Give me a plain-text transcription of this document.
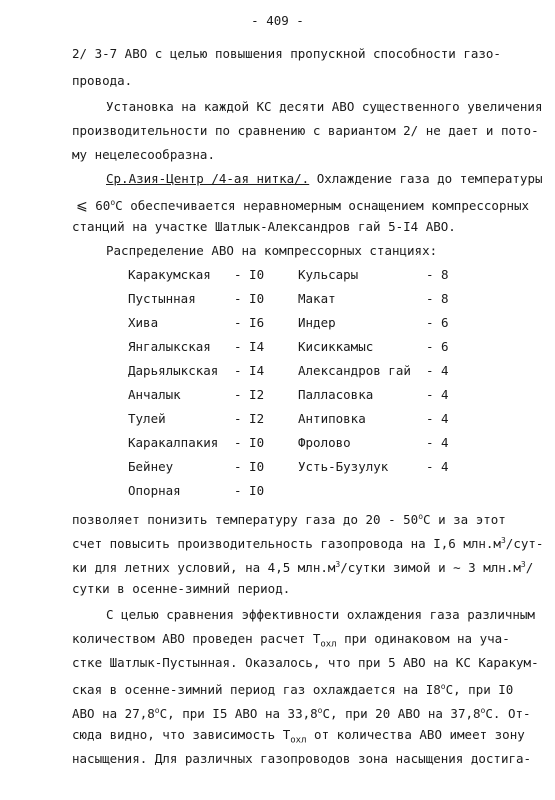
- 409 -
2/ 3-7 АВО с целью повышения пропускной способности газо-
провода.
Установка на каждой КС десяти АВО существенного увеличения
производительности по сравнению с вариантом 2/ не дает и пото-
му нецелесообразна.
Ср.Азия-Центр /4-ая нитка/. Охлаждение газа до температуры
⩽ $60^оС$ обеспечивается неравномерным оснащением компрессорных
станций на участке Шатлык-Александров гай 5-I4 АВО.
Распределение АВО на компрессорных станциях:
Каракумская - I0
Пустынная	- I0
Хива	- I6
Янгалыкская - I4
Дарьялыкская - I4
Анчалык	- I2
Тулей	- I2
Каракалпакия - I0
Бейнеу	- I0
Опорная	- I0
Кульсары	- 8
Макат	- 8
Индер	- 6
Кисиккамыс	- 6
Александров гай - 4
Палласовка	- 4
Антиповка	- 4
Фролово	- 4
Усть-Бузулук	- 4
позволяет понизить температуру газа до $20 - 50^оС$ и за этот
счет повысить производительность газопровода на I,6 $млн.м^3/сут-$
ки для летних условий, на 4,5 $млн.м^3$/сутки зимой и ∼ 3 $млн.м^3/$
сутки в осенне-зимний период.
С целью сравнения эффективности охлаждения газа различным
количеством АВО проведен расчет $Т_{охл}$ при одинаковом на уча-
стке Шатлык-Пустынная. Оказалось, что при 5 АВО на КС Каракум-
ская в осенне-зимний период газ охлаждается на $I8^оС$, при I0
АВО на $27,8^оС$, при I5 АВО на $33,8^оС$, при 20 АВО на $37,8^оС$. От-
сюда видно, что зависимость $Т_{охл}$ от количества АВО имеет зону
насыщения. Для различных газопроводов зона насыщения достига-
